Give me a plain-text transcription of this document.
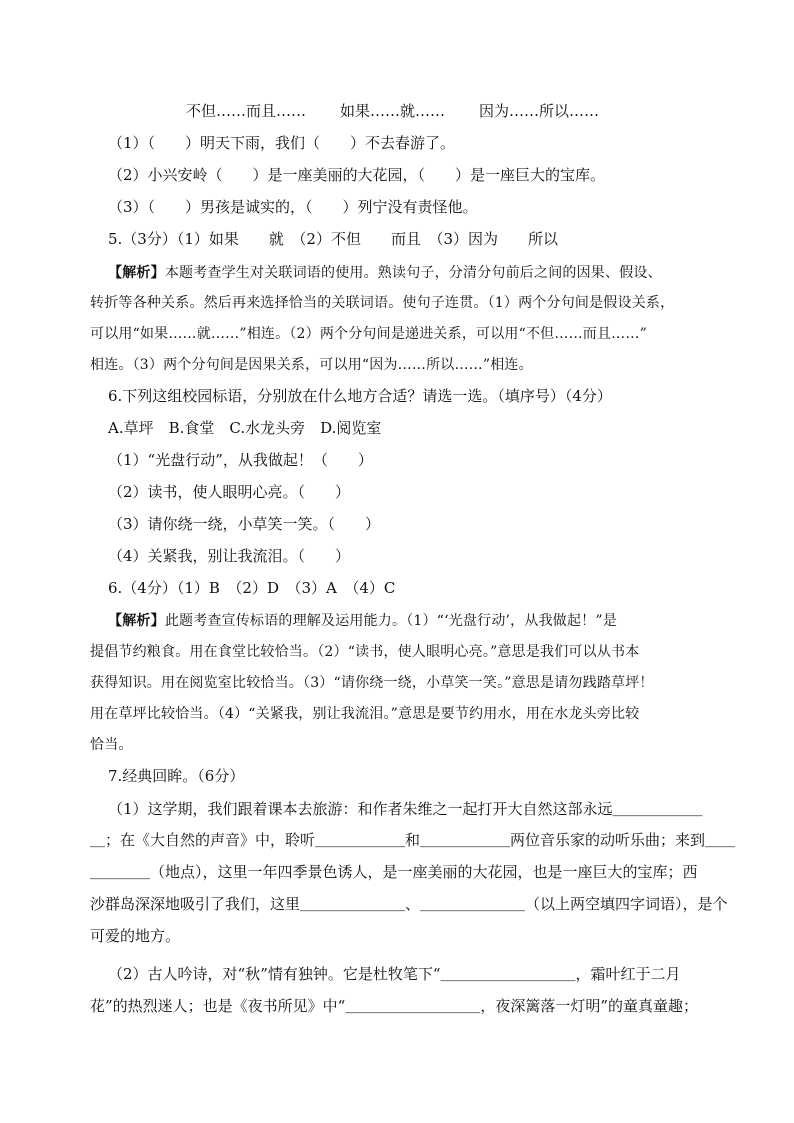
不但……而且…… 如果……就…… 因为……所以……
（1）（　　）明天下雨，我们（　　）不去春游了。
（2）小兴安岭（　　）是一座美丽的大花园，（　　）是一座巨大的宝库。
（3）（　　）男孩是诚实的，（　　）列宁没有责怪他。
5.（3分）（1）如果　　就　（2）不但　　而且　（3）因为　　所以
【解析】本题考查学生对关联词语的使用。熟读句子，分清分句前后之间的因果、假设、
转折等各种关系。然后再来选择恰当的关联词语。使句子连贯。（1）两个分句间是假设关系，
可以用“如果……就……”相连。（2）两个分句间是递进关系，可以用“不但……而且……”
相连。（3）两个分句间是因果关系，可以用“因为……所以……”相连。
6.下列这组校园标语，分别放在什么地方合适？请选一选。（填序号）（4分）
A.草坪　B.食堂　C.水龙头旁　D.阅览室
（1）“光盘行动”，从我做起！（　　）
（2）读书，使人眼明心亮。（　　）
（3）请你绕一绕，小草笑一笑。（　　）
（4）关紧我，别让我流泪。（　　）
6.（4分）（1）B　（2）D　（3）A　（4）C
【解析】此题考查宣传标语的理解及运用能力。（1）“‘光盘行动’，从我做起！”是
提倡节约粮食。用在食堂比较恰当。（2）“读书，使人眼明心亮。”意思是我们可以从书本
获得知识。用在阅览室比较恰当。（3）“请你绕一绕，小草笑一笑。”意思是请勿践踏草坪！
用在草坪比较恰当。（4）“关紧我，别让我流泪。”意思是要节约用水，用在水龙头旁比较
恰当。
7.经典回眸。（6分）
（1）这学期，我们跟着课本去旅游：和作者朱维之一起打开大自然这部永远＿＿＿＿＿＿
＿；在《大自然的声音》中，聆听＿＿＿＿＿＿和＿＿＿＿＿＿两位音乐家的动听乐曲；来到＿＿
＿＿＿＿（地点），这里一年四季景色诱人，是一座美丽的大花园，也是一座巨大的宝库；西
沙群岛深深地吸引了我们，这里＿＿＿＿＿＿＿、＿＿＿＿＿＿＿（以上两空填四字词语），是个
可爱的地方。
（2）古人吟诗，对“秋”情有独钟。它是杜牧笔下“＿＿＿＿＿＿＿＿＿，霜叶红于二月
花”的热烈迷人；也是《夜书所见》中“＿＿＿＿＿＿＿＿＿，夜深篱落一灯明”的童真童趣；
